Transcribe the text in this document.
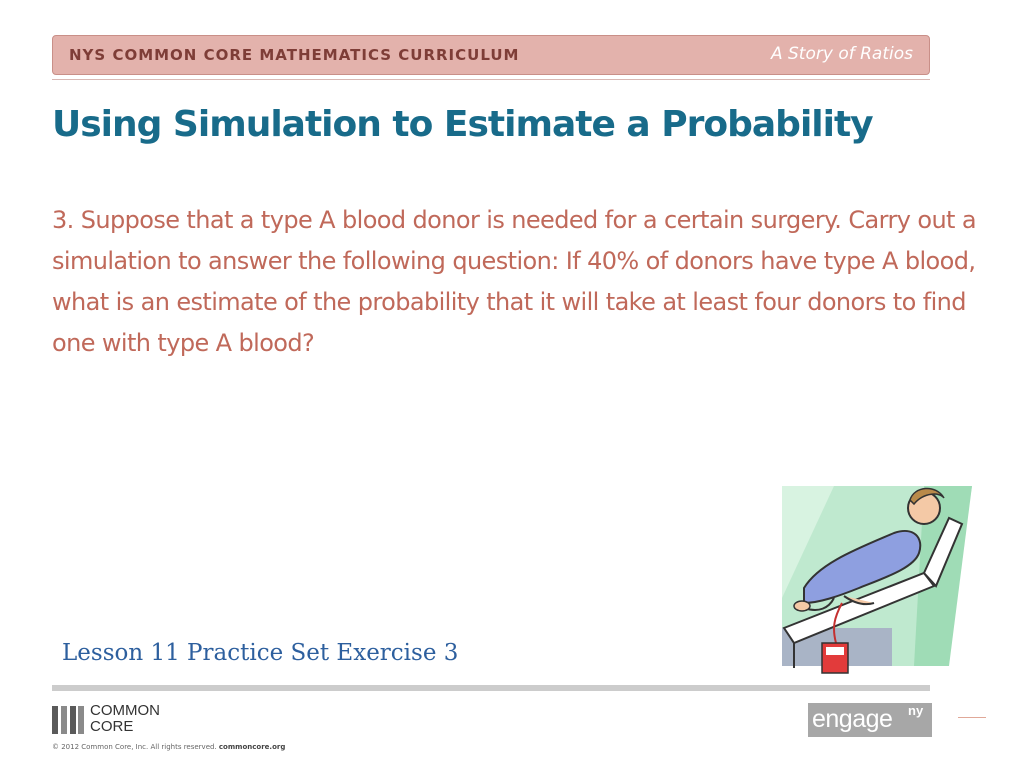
NYS COMMON CORE MATHEMATICS CURRICULUM	A Story of Ratios
Using Simulation to Estimate a Probability

3. Suppose that a type A blood donor is needed for a certain surgery. Carry out a simulation to answer the following question: If 40% of donors have type A blood, what is an estimate of the probability that it will take at least four donors to find one with type A blood?

Lesson 11 Practice Set Exercise 3
COMMON
CORE
© 2012 Common Core, Inc. All rights reserved. commoncore.org
engage ny
